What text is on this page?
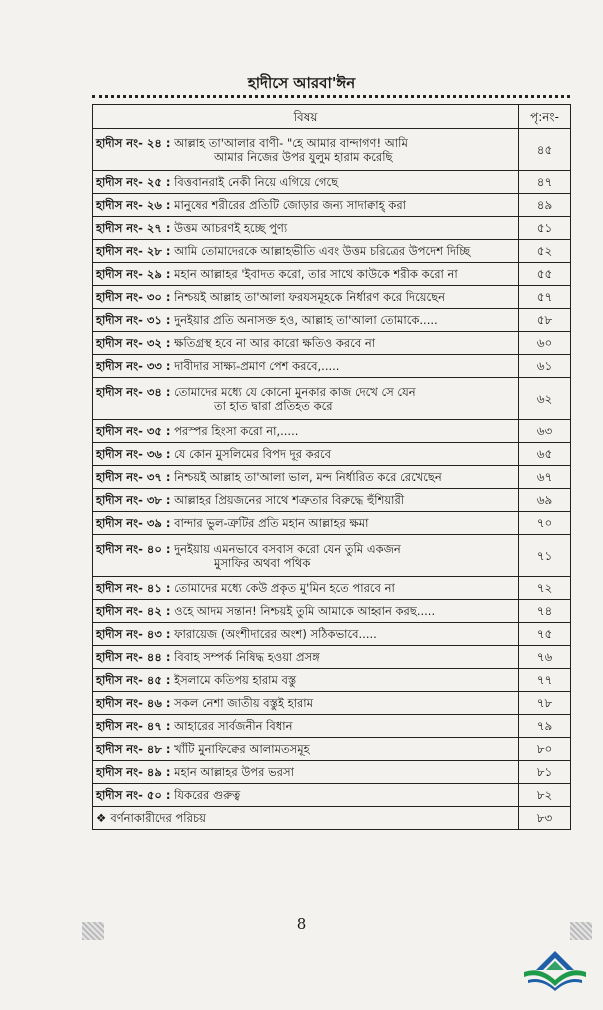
হাদীসে আরবা'ঈন
বিষয়	পৃ:নং-
হাদীস নং- ২৪ : আল্লাহ তা'আলার বাণী- "হে আমার বান্দাগণ! আমি
আমার নিজের উপর যুলুম হারাম করেছি	৪৫
হাদীস নং- ২৫ : বিত্তবানরাই নেকী নিয়ে এগিয়ে গেছে	৪৭
হাদীস নং- ২৬ : মানুষের শরীরের প্রতিটি জোড়ার জন্য সাদাক্বাহ্ করা	৪৯
হাদীস নং- ২৭ : উত্তম আচরণই হচ্ছে পুণ্য	৫১
হাদীস নং- ২৮ : আমি তোমাদেরকে আল্লাহভীতি এবং উত্তম চরিত্রের উপদেশ দিচ্ছি	৫২
হাদীস নং- ২৯ : মহান আল্লাহর 'ইবাদত করো, তার সাথে কাউকে শরীক করো না	৫৫
হাদীস নং- ৩০ : নিশ্চয়ই আল্লাহ তা'আলা ফরযসমূহকে নির্ধারণ করে দিয়েছেন	৫৭
হাদীস নং- ৩১ : দুনইয়ার প্রতি অনাসক্ত হও, আল্লাহ তা'আলা তোমাকে.....	৫৮
হাদীস নং- ৩২ : ক্ষতিগ্রস্থ হবে না আর কারো ক্ষতিও করবে না	৬০
হাদীস নং- ৩৩ : দাবীদার সাক্ষ্য-প্রমাণ পেশ করবে,.....	৬১
হাদীস নং- ৩৪ : তোমাদের মধ্যে যে কোনো মুনকার কাজ দেখে সে যেন
তা হাত দ্বারা প্রতিহত করে	৬২
হাদীস নং- ৩৫ : পরস্পর হিংসা করো না,.....	৬৩
হাদীস নং- ৩৬ : যে কোন মুসলিমের বিপদ দূর করবে	৬৫
হাদীস নং- ৩৭ : নিশ্চয়ই আল্লাহ তা'আলা ভাল, মন্দ নির্ধারিত করে রেখেছেন	৬৭
হাদীস নং- ৩৮ : আল্লাহর প্রিয়জনের সাথে শত্রুতার বিরুদ্ধে হুঁশিয়ারী	৬৯
হাদীস নং- ৩৯ : বান্দার ভুল-ত্রুটির প্রতি মহান আল্লাহর ক্ষমা	৭০
হাদীস নং- ৪০ : দুনইয়ায় এমনভাবে বসবাস করো যেন তুমি একজন
মুসাফির অথবা পথিক	৭১
হাদীস নং- ৪১ : তোমাদের মধ্যে কেউ প্রকৃত মু'মিন হতে পারবে না	৭২
হাদীস নং- ৪২ : ওহে আদম সন্তান! নিশ্চয়ই তুমি আমাকে আহ্বান করছ.....	৭৪
হাদীস নং- ৪৩ : ফারায়েজ (অংশীদারের অংশ) সঠিকভাবে.....	৭৫
হাদীস নং- ৪৪ : বিবাহ সম্পর্ক নিষিদ্ধ হওয়া প্রসঙ্গ	৭৬
হাদীস নং- ৪৫ : ইসলামে কতিপয় হারাম বস্তু	৭৭
হাদীস নং- ৪৬ : সকল নেশা জাতীয় বস্তুই হারাম	৭৮
হাদীস নং- ৪৭ : আহারের সার্বজনীন বিধান	৭৯
হাদীস নং- ৪৮ : খাঁটি মুনাফিক্বের আলামতসমূহ	৮০
হাদীস নং- ৪৯ : মহান আল্লাহর উপর ভরসা	৮১
হাদীস নং- ৫০ : যিকরের গুরুত্ব	৮২
❖ বর্ণনাকারীদের পরিচয়	৮৩
8
